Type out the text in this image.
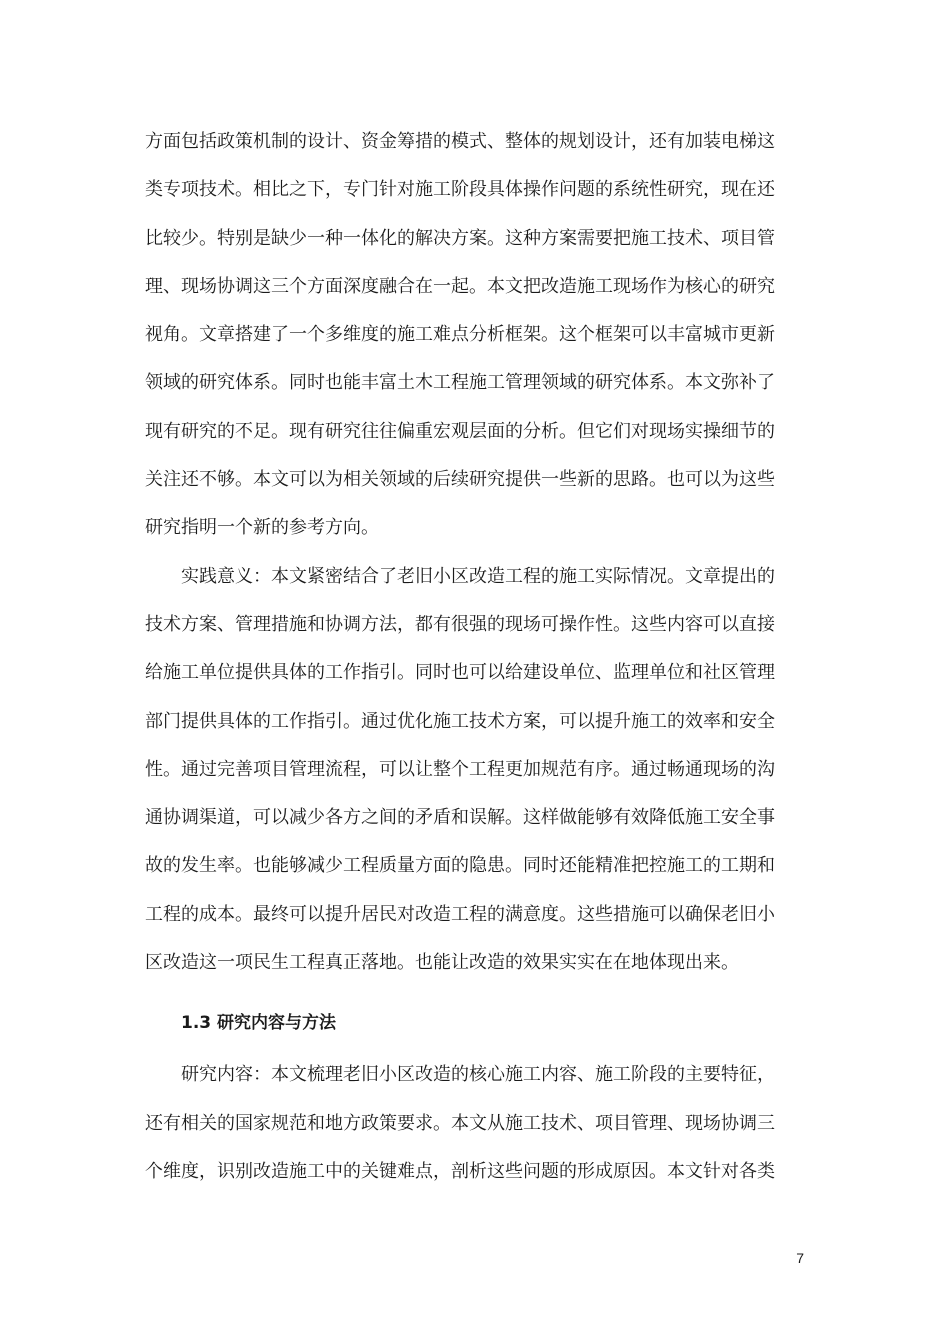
方面包括政策机制的设计、资金筹措的模式、整体的规划设计，还有加装电梯这
类专项技术。相比之下，专门针对施工阶段具体操作问题的系统性研究，现在还
比较少。特别是缺少一种一体化的解决方案。这种方案需要把施工技术、项目管
理、现场协调这三个方面深度融合在一起。本文把改造施工现场作为核心的研究
视角。文章搭建了一个多维度的施工难点分析框架。这个框架可以丰富城市更新
领域的研究体系。同时也能丰富土木工程施工管理领域的研究体系。本文弥补了
现有研究的不足。现有研究往往偏重宏观层面的分析。但它们对现场实操细节的
关注还不够。本文可以为相关领域的后续研究提供一些新的思路。也可以为这些
研究指明一个新的参考方向。

实践意义：本文紧密结合了老旧小区改造工程的施工实际情况。文章提出的
技术方案、管理措施和协调方法，都有很强的现场可操作性。这些内容可以直接
给施工单位提供具体的工作指引。同时也可以给建设单位、监理单位和社区管理
部门提供具体的工作指引。通过优化施工技术方案，可以提升施工的效率和安全
性。通过完善项目管理流程，可以让整个工程更加规范有序。通过畅通现场的沟
通协调渠道，可以减少各方之间的矛盾和误解。这样做能够有效降低施工安全事
故的发生率。也能够减少工程质量方面的隐患。同时还能精准把控施工的工期和
工程的成本。最终可以提升居民对改造工程的满意度。这些措施可以确保老旧小
区改造这一项民生工程真正落地。也能让改造的效果实实在在地体现出来。

1.3 研究内容与方法

研究内容：本文梳理老旧小区改造的核心施工内容、施工阶段的主要特征，
还有相关的国家规范和地方政策要求。本文从施工技术、项目管理、现场协调三
个维度，识别改造施工中的关键难点，剖析这些问题的形成原因。本文针对各类

7
